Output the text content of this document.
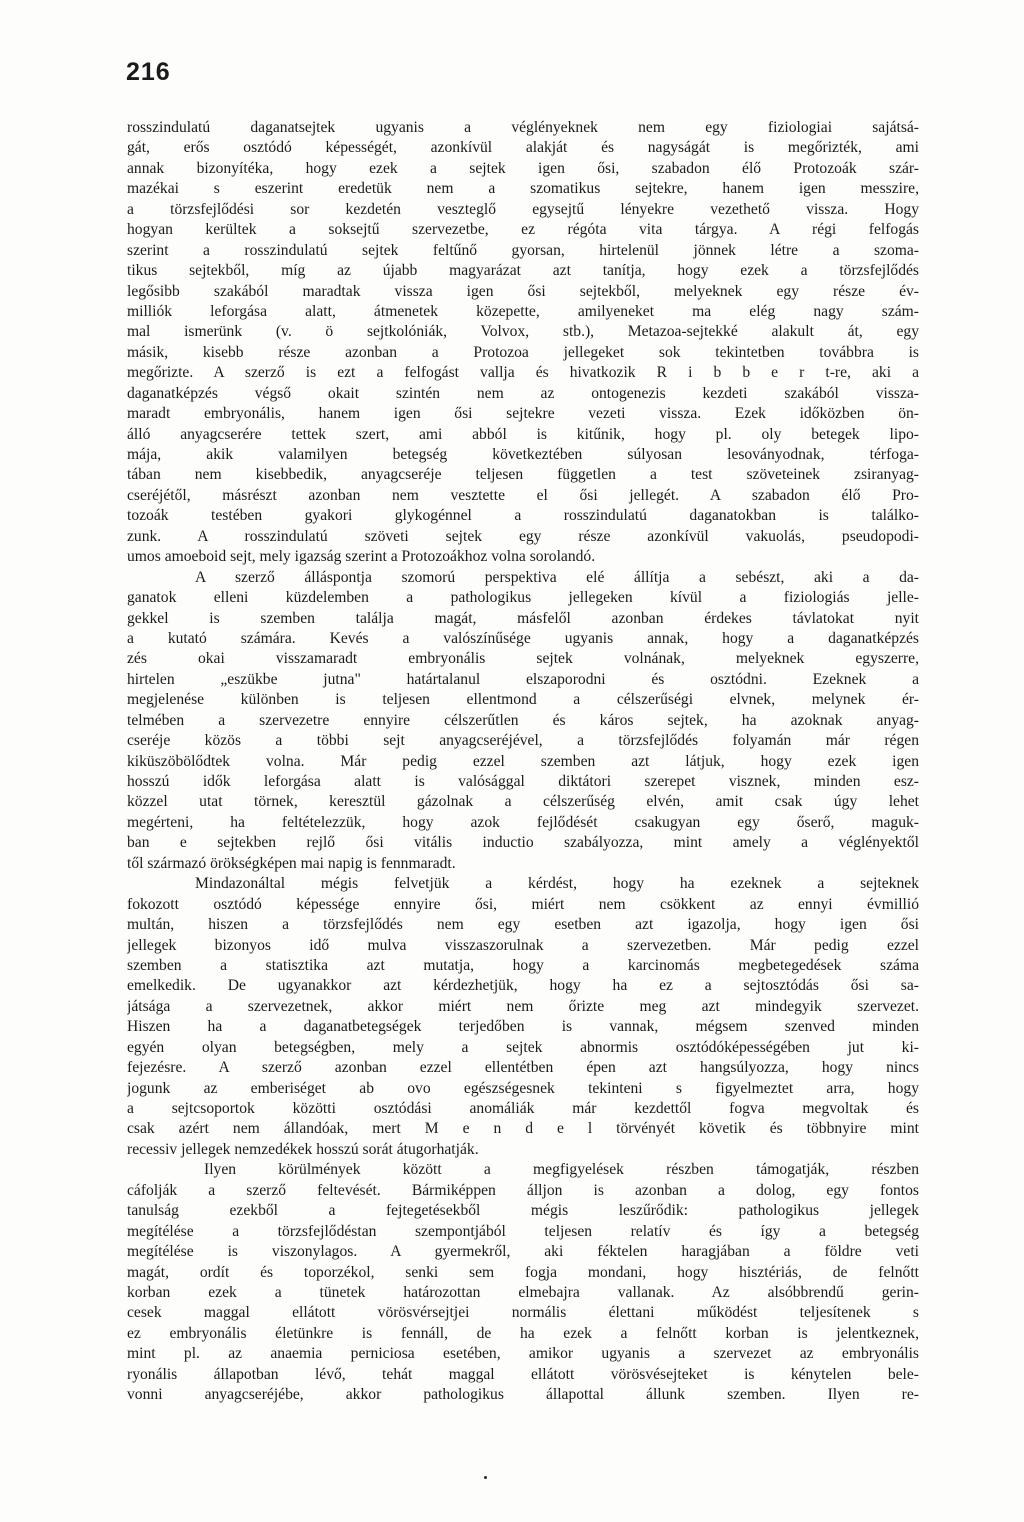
216
rosszindulatú daganatsejtek ugyanis a véglényeknek nem egy fiziologiai sajátsá-
gát, erős osztódó képességét, azonkívül alakját és nagyságát is megőrizték, ami
annak bizonyítéka, hogy ezek a sejtek igen ősi, szabadon élő Protozoák szár-
mazékai s eszerint eredetük nem a szomatikus sejtekre, hanem igen messzire,
a törzsfejlődési sor kezdetén veszteglő egysejtű lényekre vezethető vissza. Hogy
hogyan kerültek a soksejtű szervezetbe, ez régóta vita tárgya. A régi felfogás
szerint a rosszindulatú sejtek feltűnő gyorsan, hirtelenül jönnek létre a szoma-
tikus sejtekből, míg az újabb magyarázat azt tanítja, hogy ezek a törzsfejlődés
legősibb szakából maradtak vissza igen ősi sejtekből, melyeknek egy része év-
milliók leforgása alatt, átmenetek közepette, amilyeneket ma elég nagy szám-
mal ismerünk (v. ö sejtkolóniák, Volvox, stb.), Metazoa-sejtekké alakult át, egy
másik, kisebb része azonban a Protozoa jellegeket sok tekintetben továbbra is
megőrizte. A szerző is ezt a felfogást vallja és hivatkozik R i b b e r t-re, aki a
daganatképzés végső okait szintén nem az ontogenezis kezdeti szakából vissza-
maradt embryonális, hanem igen ősi sejtekre vezeti vissza. Ezek időközben ön-
álló anyagcserére tettek szert, ami abból is kitűnik, hogy pl. oly betegek lipo-
mája, akik valamilyen betegség következtében súlyosan lesoványodnak, térfoga-
tában nem kisebbedik, anyagcseréje teljesen független a test szöveteinek zsiranyag-
cseréjétől, másrészt azonban nem vesztette el ősi jellegét. A szabadon élő Pro-
tozoák testében gyakori glykogénnel a rosszindulatú daganatokban is találko-
zunk. A rosszindulatú szöveti sejtek egy része azonkívül vakuolás, pseudopodi-
umos amoeboid sejt, mely igazság szerint a Protozoákhoz volna sorolandó.
A szerző álláspontja szomorú perspektiva elé állítja a sebészt, aki a da-
ganatok elleni küzdelemben a pathologikus jellegeken kívül a fiziologiás jelle-
gekkel is szemben találja magát, másfelől azonban érdekes távlatokat nyit
a kutató számára. Kevés a valószínűsége ugyanis annak, hogy a daganatképzés
zés okai visszamaradt embryonális sejtek volnának, melyeknek egyszerre,
hirtelen „eszükbe jutna" határtalanul elszaporodni és osztódni. Ezeknek a
megjelenése különben is teljesen ellentmond a célszerűségi elvnek, melynek ér-
telmében a szervezetre ennyire célszerűtlen és káros sejtek, ha azoknak anyag-
cseréje közös a többi sejt anyagcseréjével, a törzsfejlődés folyamán már régen
kiküszöbölődtek volna. Már pedig ezzel szemben azt látjuk, hogy ezek igen
hosszú idők leforgása alatt is valósággal diktátori szerepet visznek, minden esz-
közzel utat törnek, keresztül gázolnak a célszerűség elvén, amit csak úgy lehet
megérteni, ha feltételezzük, hogy azok fejlődését csakugyan egy őserő, maguk-
ban e sejtekben rejlő ősi vitális inductio szabályozza, mint amely a véglényektől
től származó örökségképen mai napig is fennmaradt.
Mindazonáltal mégis felvetjük a kérdést, hogy ha ezeknek a sejteknek
fokozott osztódó képessége ennyire ősi, miért nem csökkent az ennyi évmillió
multán, hiszen a törzsfejlődés nem egy esetben azt igazolja, hogy igen ősi
jellegek bizonyos idő mulva visszaszorulnak a szervezetben. Már pedig ezzel
szemben a statisztika azt mutatja, hogy a karcinomás megbetegedések száma
emelkedik. De ugyanakkor azt kérdezhetjük, hogy ha ez a sejtosztódás ősi sa-
játsága a szervezetnek, akkor miért nem őrizte meg azt mindegyik szervezet.
Hiszen ha a daganatbetegségek terjedőben is vannak, mégsem szenved minden
egyén olyan betegségben, mely a sejtek abnormis osztódóképességében jut ki-
fejezésre. A szerző azonban ezzel ellentétben épen azt hangsúlyozza, hogy nincs
jogunk az emberiséget ab ovo egészségesnek tekinteni s figyelmeztet arra, hogy
a sejtcsoportok közötti osztódási anomáliák már kezdettől fogva megvoltak és
csak azért nem állandóak, mert M e n d e l törvényét követik és többnyire mint
recessiv jellegek nemzedékek hosszú sorát átugorhatják.
Ilyen körülmények között a megfigyelések részben támogatják, részben
cáfolják a szerző feltevését. Bármiképpen álljon is azonban a dolog, egy fontos
tanulság ezekből a fejtegetésekből mégis leszűrődik: pathologikus jellegek
megítélése a törzsfejlődéstan szempontjából teljesen relatív és így a betegség
megítélése is viszonylagos. A gyermekről, aki féktelen haragjában a földre veti
magát, ordít és toporzékol, senki sem fogja mondani, hogy hisztériás, de felnőtt
korban ezek a tünetek határozottan elmebajra vallanak. Az alsóbbrendű gerin-
cesek maggal ellátott vörösvérsejtjei normális élettani működést teljesítenek s
ez embryonális életünkre is fennáll, de ha ezek a felnőtt korban is jelentkeznek,
mint pl. az anaemia perniciosa esetében, amikor ugyanis a szervezet az embryonális
ryonális állapotban lévő, tehát maggal ellátott vörösvésejteket is kénytelen bele-
vonni anyagcseréjébe, akkor pathologikus állapottal állunk szemben. Ilyen re-
